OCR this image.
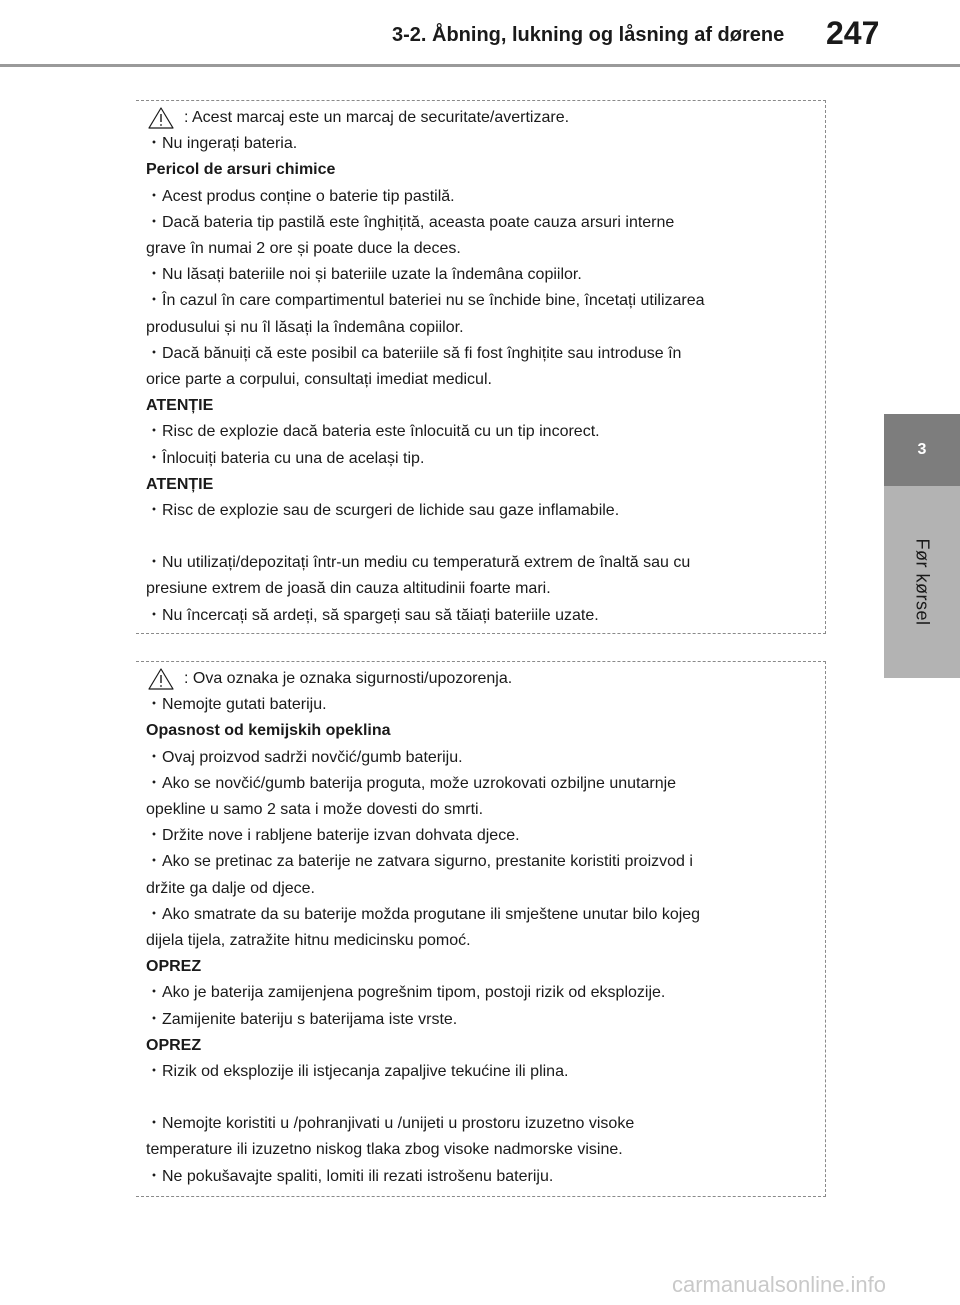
3-2. Åbning, lukning og låsning af dørene 247
3
Før kørsel
: Acest marcaj este un marcaj de securitate/avertizare.
・Nu ingerați bateria.
Pericol de arsuri chimice
・Acest produs conține o baterie tip pastilă.
・Dacă bateria tip pastilă este înghițită, aceasta poate cauza arsuri interne
grave în numai 2 ore și poate duce la deces.
・Nu lăsați bateriile noi și bateriile uzate la îndemâna copiilor.
・În cazul în care compartimentul bateriei nu se închide bine, încetați utilizarea
produsului și nu îl lăsați la îndemâna copiilor.
・Dacă bănuiți că este posibil ca bateriile să fi fost înghițite sau introduse în
orice parte a corpului, consultați imediat medicul.
ATENȚIE
・Risc de explozie dacă bateria este înlocuită cu un tip incorect.
・Înlocuiți bateria cu una de același tip.
ATENȚIE
・Risc de explozie sau de scurgeri de lichide sau gaze inflamabile.
・Nu utilizați/depozitați într-un mediu cu temperatură extrem de înaltă sau cu
presiune extrem de joasă din cauza altitudinii foarte mari.
・Nu încercați să ardeți, să spargeți sau să tăiați bateriile uzate.
: Ova oznaka je oznaka sigurnosti/upozorenja.
・Nemojte gutati bateriju.
Opasnost od kemijskih opeklina
・Ovaj proizvod sadrži novčić/gumb bateriju.
・Ako se novčić/gumb baterija proguta, može uzrokovati ozbiljne unutarnje
opekline u samo 2 sata i može dovesti do smrti.
・Držite nove i rabljene baterije izvan dohvata djece.
・Ako se pretinac za baterije ne zatvara sigurno, prestanite koristiti proizvod i
držite ga dalje od djece.
・Ako smatrate da su baterije možda progutane ili smještene unutar bilo kojeg
dijela tijela, zatražite hitnu medicinsku pomoć.
OPREZ
・Ako je baterija zamijenjena pogrešnim tipom, postoji rizik od eksplozije.
・Zamijenite bateriju s baterijama iste vrste.
OPREZ
・Rizik od eksplozije ili istjecanja zapaljive tekućine ili plina.
・Nemojte koristiti u /pohranjivati u /unijeti u prostoru izuzetno visoke
temperature ili izuzetno niskog tlaka zbog visoke nadmorske visine.
・Ne pokušavajte spaliti, lomiti ili rezati istrošenu bateriju.
carmanualsonline.info
